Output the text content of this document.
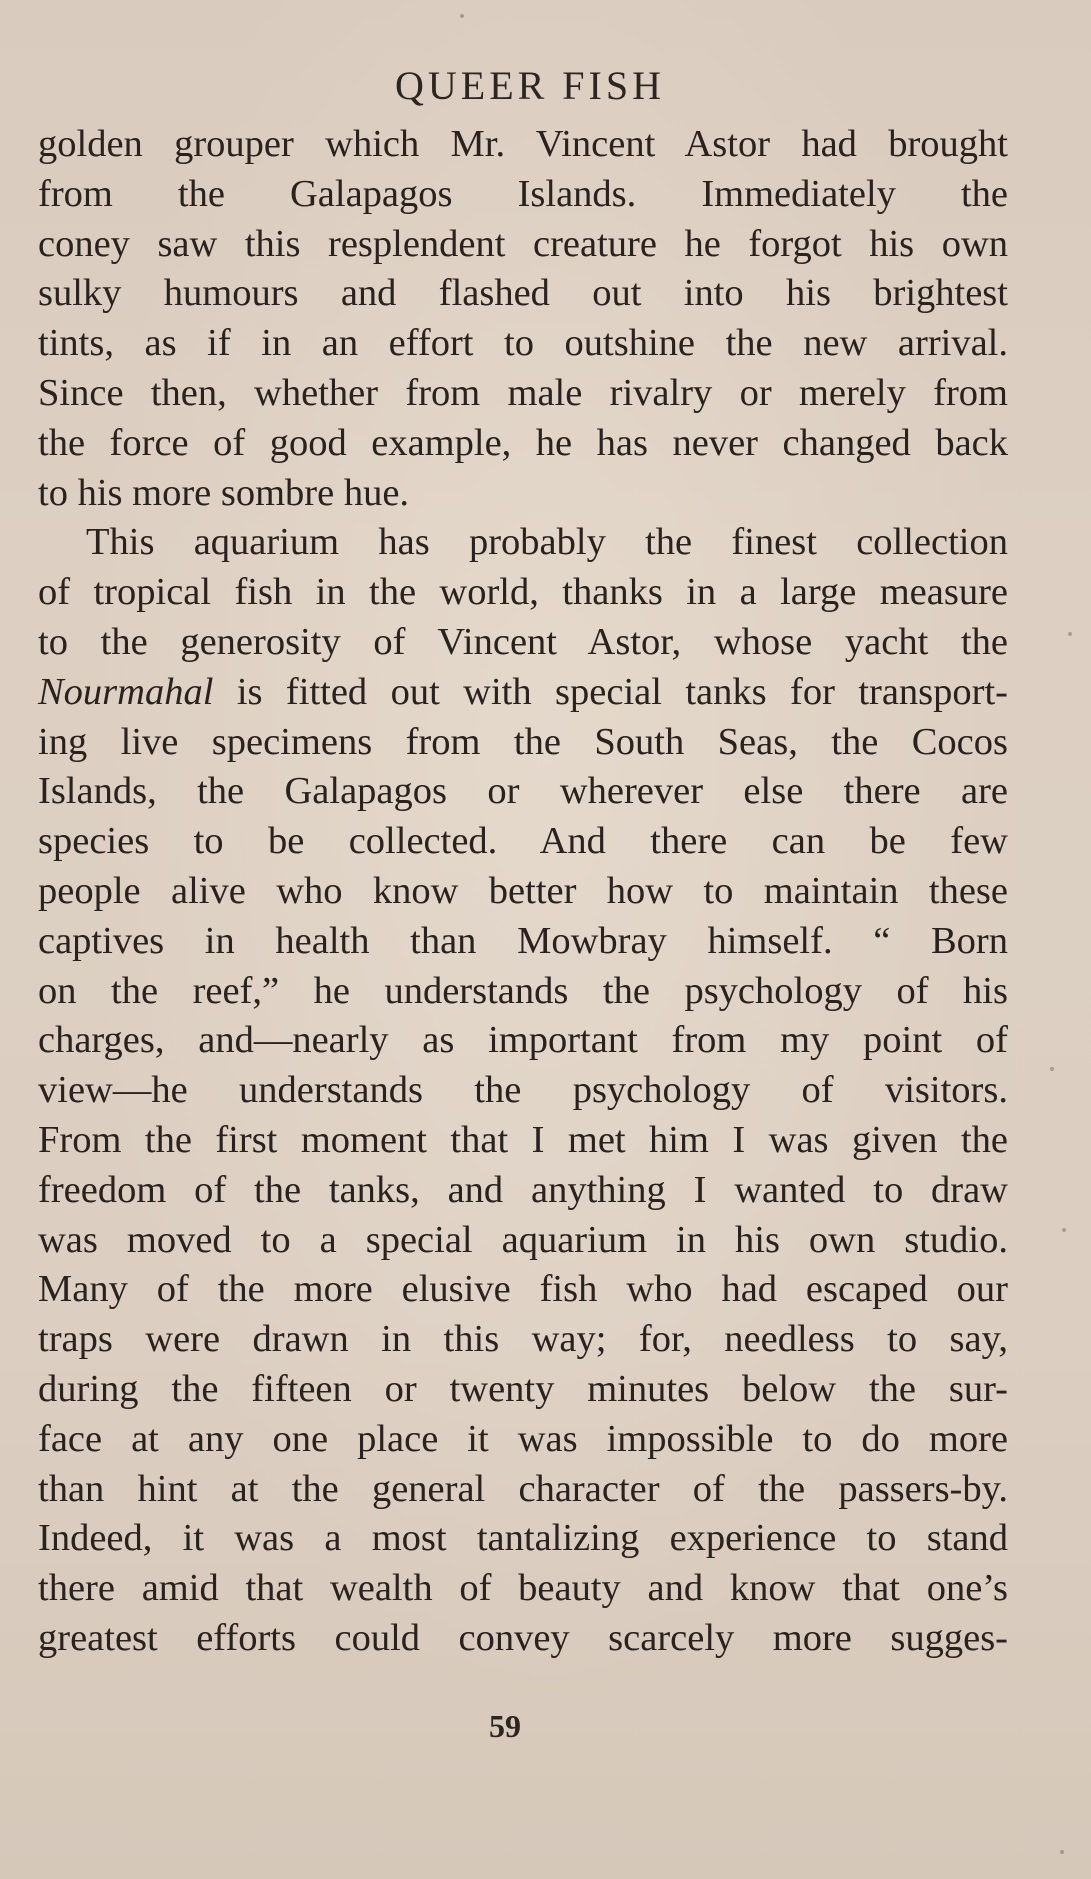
QUEER FISH
golden grouper which Mr. Vincent Astor had brought
from the Galapagos Islands. Immediately the
coney saw this resplendent creature he forgot his own
sulky humours and flashed out into his brightest
tints, as if in an effort to outshine the new arrival.
Since then, whether from male rivalry or merely from
the force of good example, he has never changed back
to his more sombre hue.
This aquarium has probably the finest collection
of tropical fish in the world, thanks in a large measure
to the generosity of Vincent Astor, whose yacht the
Nourmahal is fitted out with special tanks for transport-
ing live specimens from the South Seas, the Cocos
Islands, the Galapagos or wherever else there are
species to be collected. And there can be few
people alive who know better how to maintain these
captives in health than Mowbray himself. “ Born
on the reef,” he understands the psychology of his
charges, and—nearly as important from my point of
view—he understands the psychology of visitors.
From the first moment that I met him I was given the
freedom of the tanks, and anything I wanted to draw
was moved to a special aquarium in his own studio.
Many of the more elusive fish who had escaped our
traps were drawn in this way; for, needless to say,
during the fifteen or twenty minutes below the sur-
face at any one place it was impossible to do more
than hint at the general character of the passers-by.
Indeed, it was a most tantalizing experience to stand
there amid that wealth of beauty and know that one’s
greatest efforts could convey scarcely more sugges-
59
